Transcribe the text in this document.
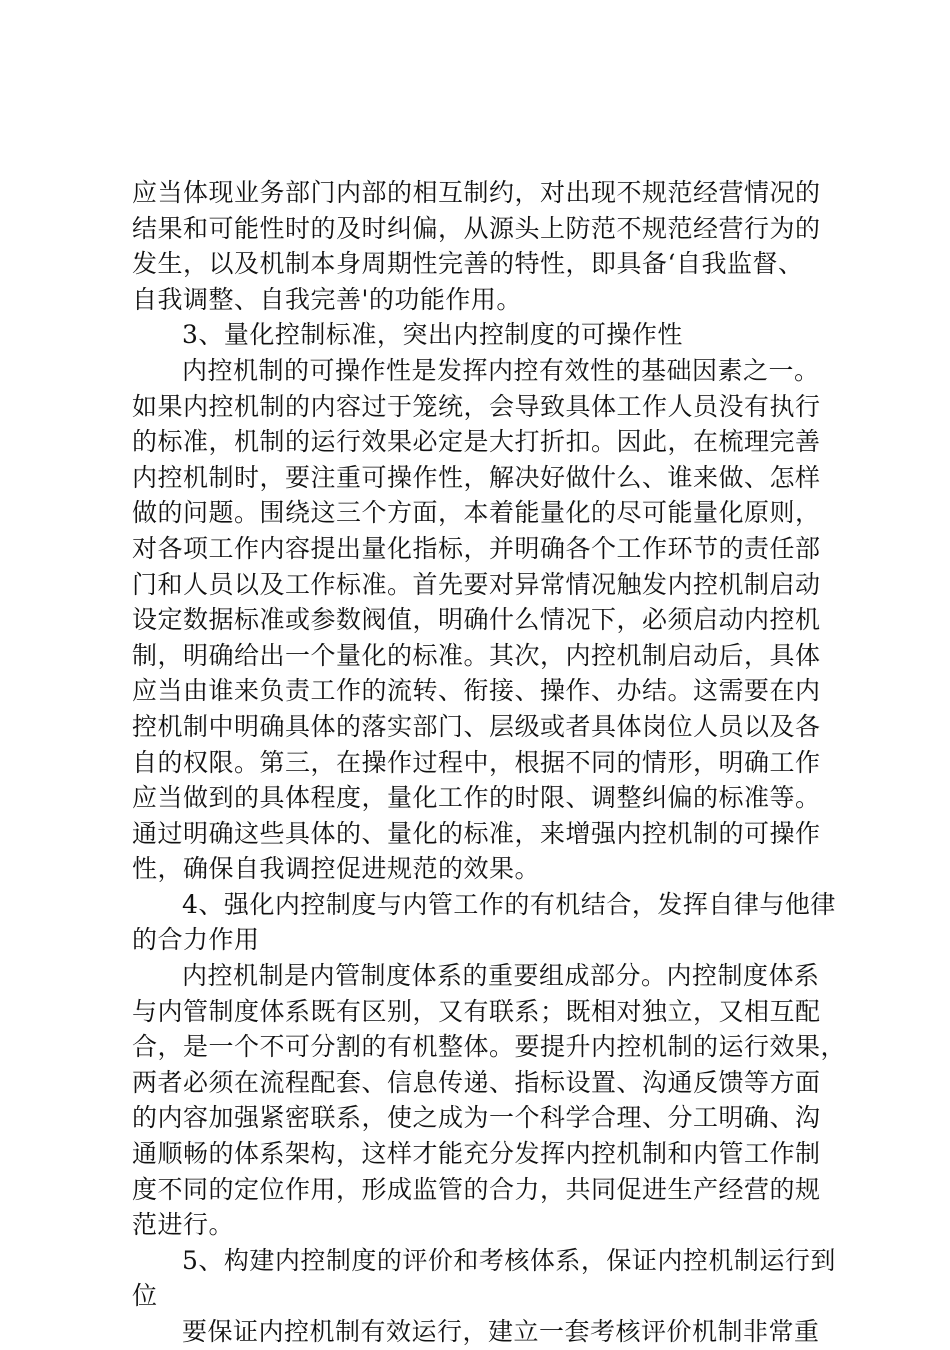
应当体现业务部门内部的相互制约，对出现不规范经营情况的
结果和可能性时的及时纠偏，从源头上防范不规范经营行为的
发生，以及机制本身周期性完善的特性，即具备‘自我监督、
自我调整、自我完善'的功能作用。
3、量化控制标准，突出内控制度的可操作性
内控机制的可操作性是发挥内控有效性的基础因素之一。
如果内控机制的内容过于笼统，会导致具体工作人员没有执行
的标准，机制的运行效果必定是大打折扣。因此，在梳理完善
内控机制时，要注重可操作性，解决好做什么、谁来做、怎样
做的问题。围绕这三个方面，本着能量化的尽可能量化原则，
对各项工作内容提出量化指标，并明确各个工作环节的责任部
门和人员以及工作标准。首先要对异常情况触发内控机制启动
设定数据标准或参数阀值，明确什么情况下，必须启动内控机
制，明确给出一个量化的标准。其次，内控机制启动后，具体
应当由谁来负责工作的流转、衔接、操作、办结。这需要在内
控机制中明确具体的落实部门、层级或者具体岗位人员以及各
自的权限。第三，在操作过程中，根据不同的情形，明确工作
应当做到的具体程度，量化工作的时限、调整纠偏的标准等。
通过明确这些具体的、量化的标准，来增强内控机制的可操作
性，确保自我调控促进规范的效果。
4、强化内控制度与内管工作的有机结合，发挥自律与他律
的合力作用
内控机制是内管制度体系的重要组成部分。内控制度体系
与内管制度体系既有区别，又有联系；既相对独立，又相互配
合，是一个不可分割的有机整体。要提升内控机制的运行效果，
两者必须在流程配套、信息传递、指标设置、沟通反馈等方面
的内容加强紧密联系，使之成为一个科学合理、分工明确、沟
通顺畅的体系架构，这样才能充分发挥内控机制和内管工作制
度不同的定位作用，形成监管的合力，共同促进生产经营的规
范进行。
5、构建内控制度的评价和考核体系，保证内控机制运行到
位
要保证内控机制有效运行，建立一套考核评价机制非常重
